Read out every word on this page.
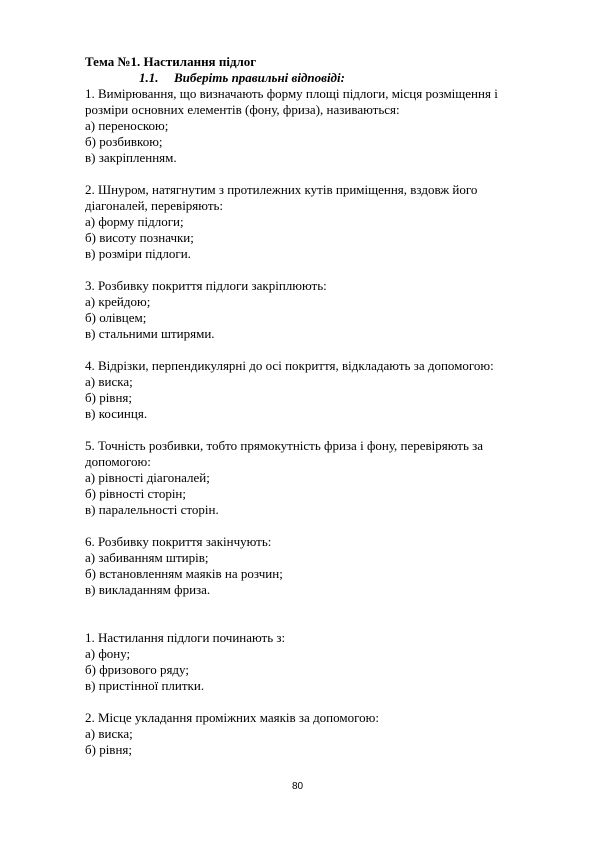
Тема №1. Настилання підлог
1.1. Виберіть правильні відповіді:
1. Вимірювання, що визначають форму площі підлоги, місця розміщення і
розміри основних елементів (фону, фриза), називаються:
а) переноскою;
б) розбивкою;
в) закріпленням.
2. Шнуром, натягнутим з протилежних кутів приміщення, вздовж його
діагоналей, перевіряють:
а) форму підлоги;
б) висоту позначки;
в) розміри підлоги.
3. Розбивку покриття підлоги закріплюють:
а) крейдою;
б) олівцем;
в) стальними штирями.
4. Відрізки, перпендикулярні до осі покриття, відкладають за допомогою:
а) виска;
б) рівня;
в) косинця.
5. Точність розбивки, тобто прямокутність фриза і фону, перевіряють за
допомогою:
а) рівності діагоналей;
б) рівності сторін;
в) паралельності сторін.
6. Розбивку покриття закінчують:
а) забиванням штирів;
б) встановленням маяків на розчин;
в) викладанням фриза.
1. Настилання підлоги починають з:
а) фону;
б) фризового ряду;
в) пристінної плитки.
2. Місце укладання проміжних маяків за допомогою:
а) виска;
б) рівня;
80
